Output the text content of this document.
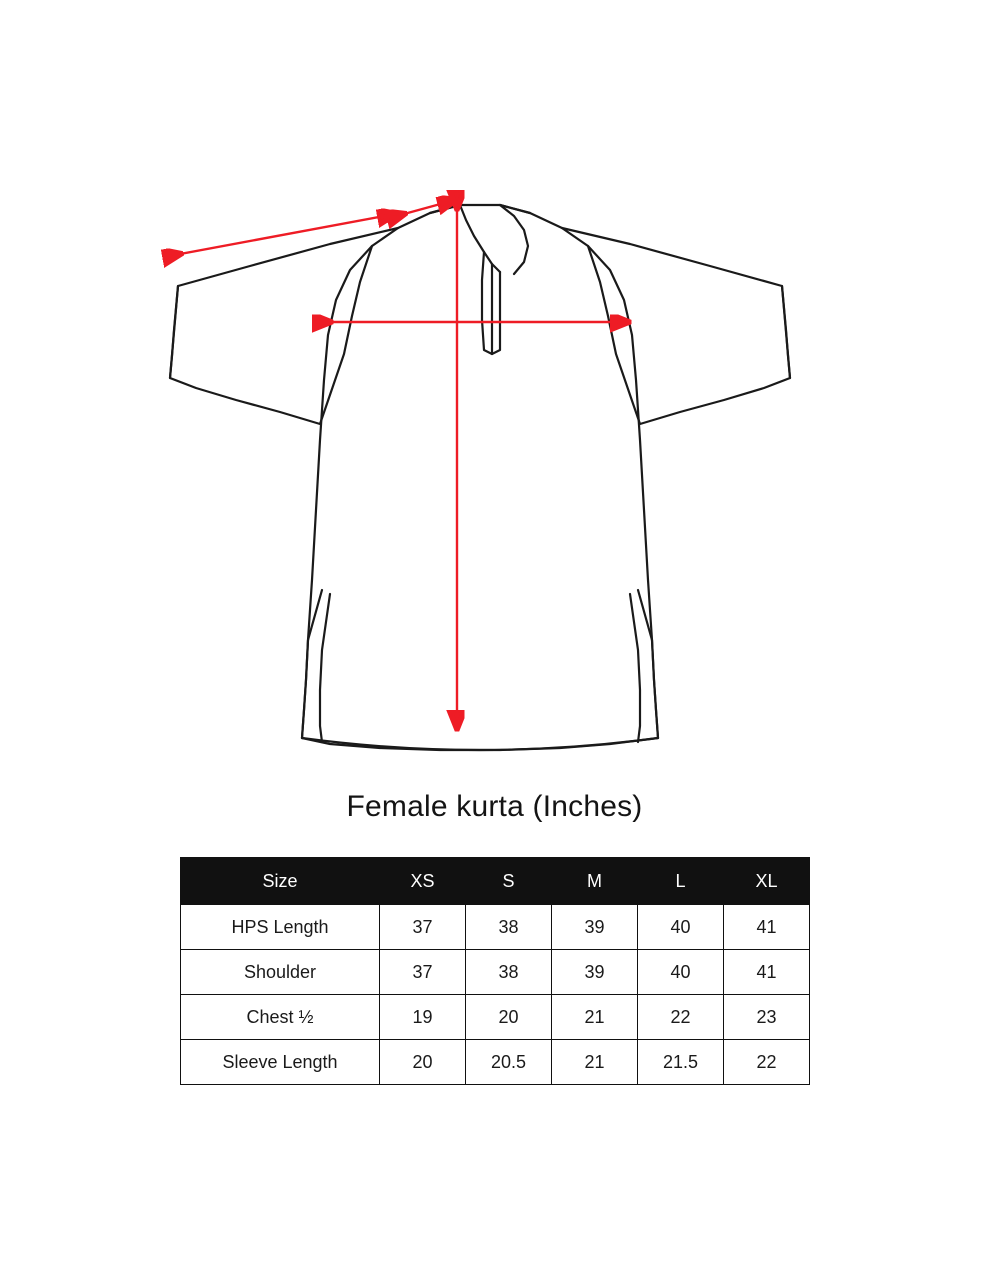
Female kurta (Inches)
Size	XS	S	M	L	XL
HPS Length	37	38	39	40	41
Shoulder	37	38	39	40	41
Chest ½	19	20	21	22	23
Sleeve Length	20	20.5	21	21.5	22
